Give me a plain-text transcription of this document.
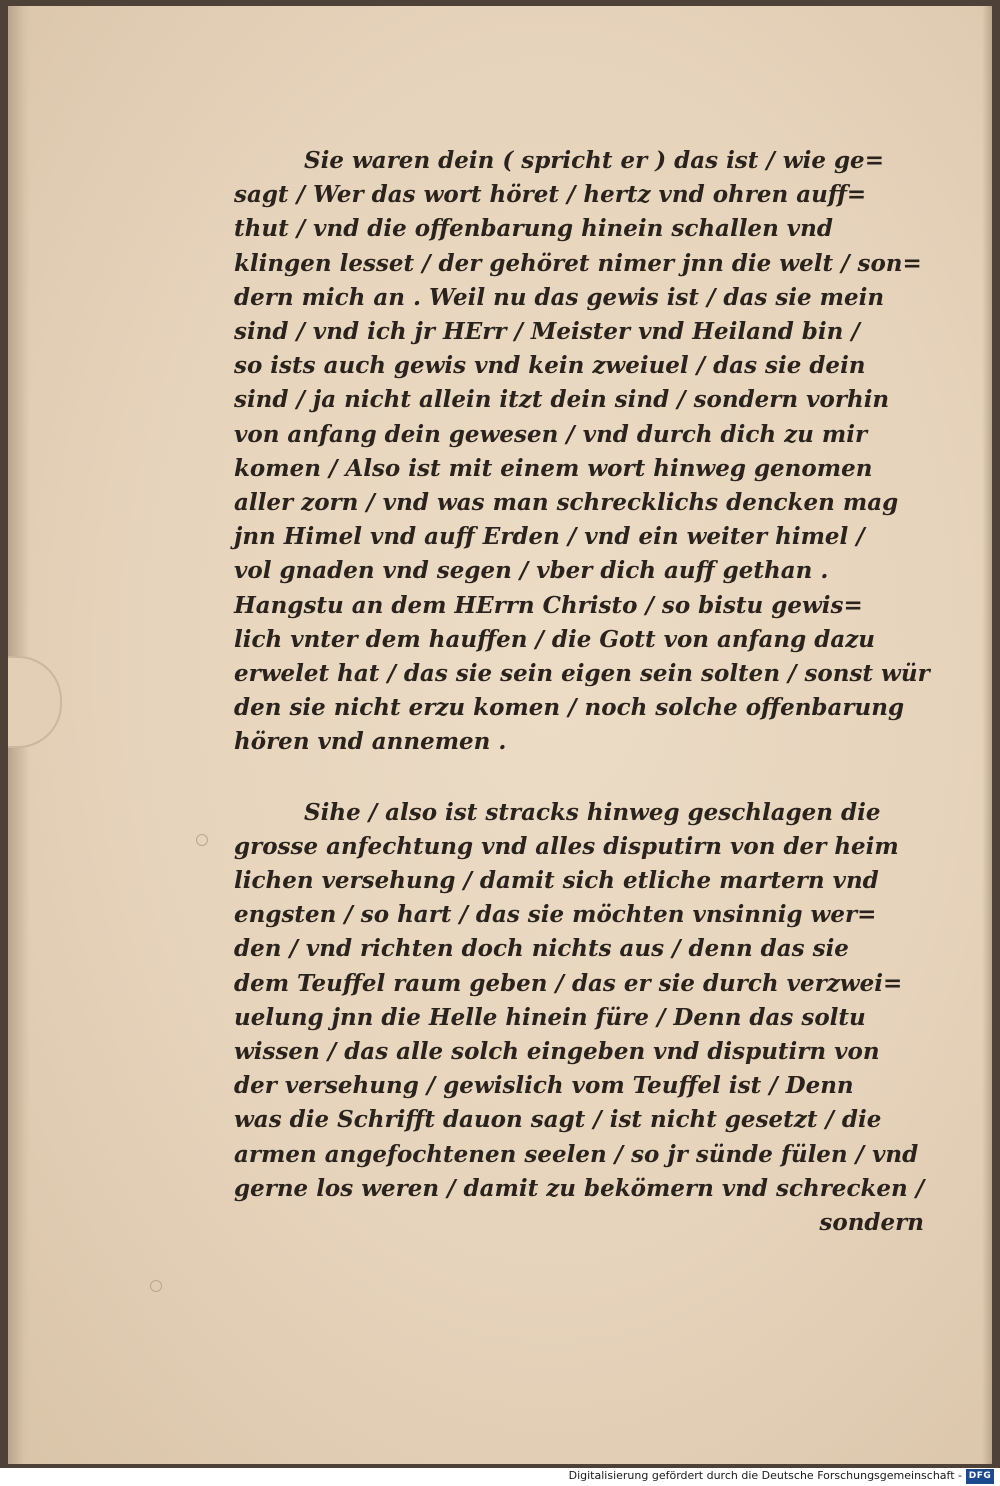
Sie waren dein ( spricht er ) das ist / wie ge=
sagt / Wer das wort höret / hertz vnd ohren auff=
thut / vnd die offenbarung hinein schallen vnd
klingen lesset / der gehöret nimer jnn die welt / son=
dern mich an . Weil nu das gewis ist / das sie mein
sind / vnd ich jr HErr / Meister vnd Heiland bin /
so ists auch gewis vnd kein zweiuel / das sie dein
sind / ja nicht allein itzt dein sind / sondern vorhin
von anfang dein gewesen / vnd durch dich zu mir
komen / Also ist mit einem wort hinweg genomen
aller zorn / vnd was man schrecklichs dencken mag
jnn Himel vnd auff Erden / vnd ein weiter himel /
vol gnaden vnd segen / vber dich auff gethan .
Hangstu an dem HErrn Christo / so bistu gewis=
lich vnter dem hauffen / die Gott von anfang dazu
erwelet hat / das sie sein eigen sein solten / sonst wür
den sie nicht erzu komen / noch solche offenbarung
hören vnd annemen .

Sihe / also ist stracks hinweg geschlagen die
grosse anfechtung vnd alles disputirn von der heim
lichen versehung / damit sich etliche martern vnd
engsten / so hart / das sie möchten vnsinnig wer=
den / vnd richten doch nichts aus / denn das sie
dem Teuffel raum geben / das er sie durch verzwei=
uelung jnn die Helle hinein füre / Denn das soltu
wissen / das alle solch eingeben vnd disputirn von
der versehung / gewislich vom Teuffel ist / Denn
was die Schrifft dauon sagt / ist nicht gesetzt / die
armen angefochtenen seelen / so jr sünde fülen / vnd
gerne los weren / damit zu bekömern vnd schrecken /

sondern
Digitalisierung gefördert durch die Deutsche Forschungsgemeinschaft - DFG
